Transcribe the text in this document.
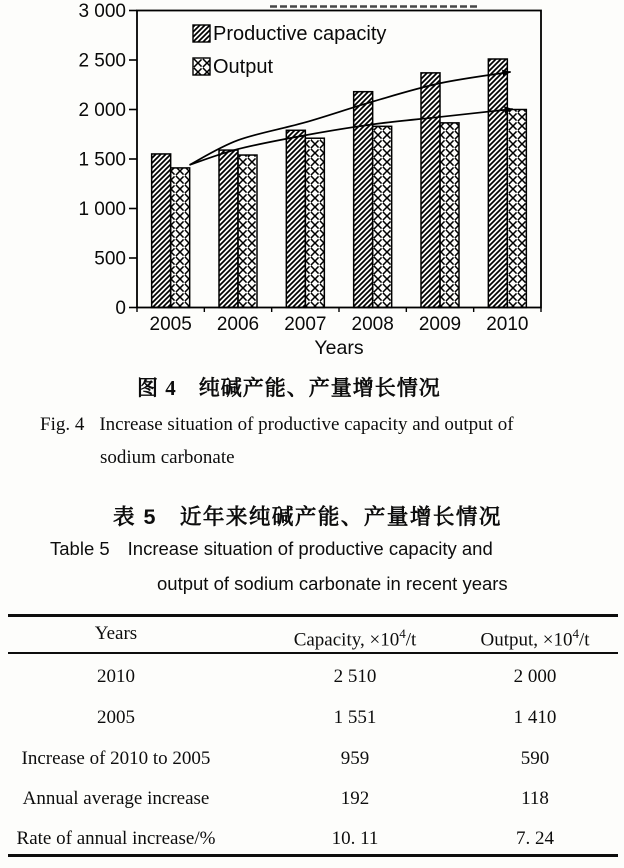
0
500
1 000
1 500
2 000
2 500
3 000
Productive capacity
Output
2005 2006 2007 2008 2009 2010
Years
图 4　纯碱产能、产量增长情况
Fig. 4 Increase situation of productive capacity and output of
sodium carbonate
表 5　近年来纯碱产能、产量增长情况
Table 5 Increase situation of productive capacity and
output of sodium carbonate in recent years
Years	Capacity, $\times 10^4/t$	Output, $\times 10^4/t$
2010	2 510	2 000
2005	1 551	1 410
Increase of 2010 to 2005	959	590
Annual average increase	192	118
Rate of annual increase/%	10. 11	7. 24
